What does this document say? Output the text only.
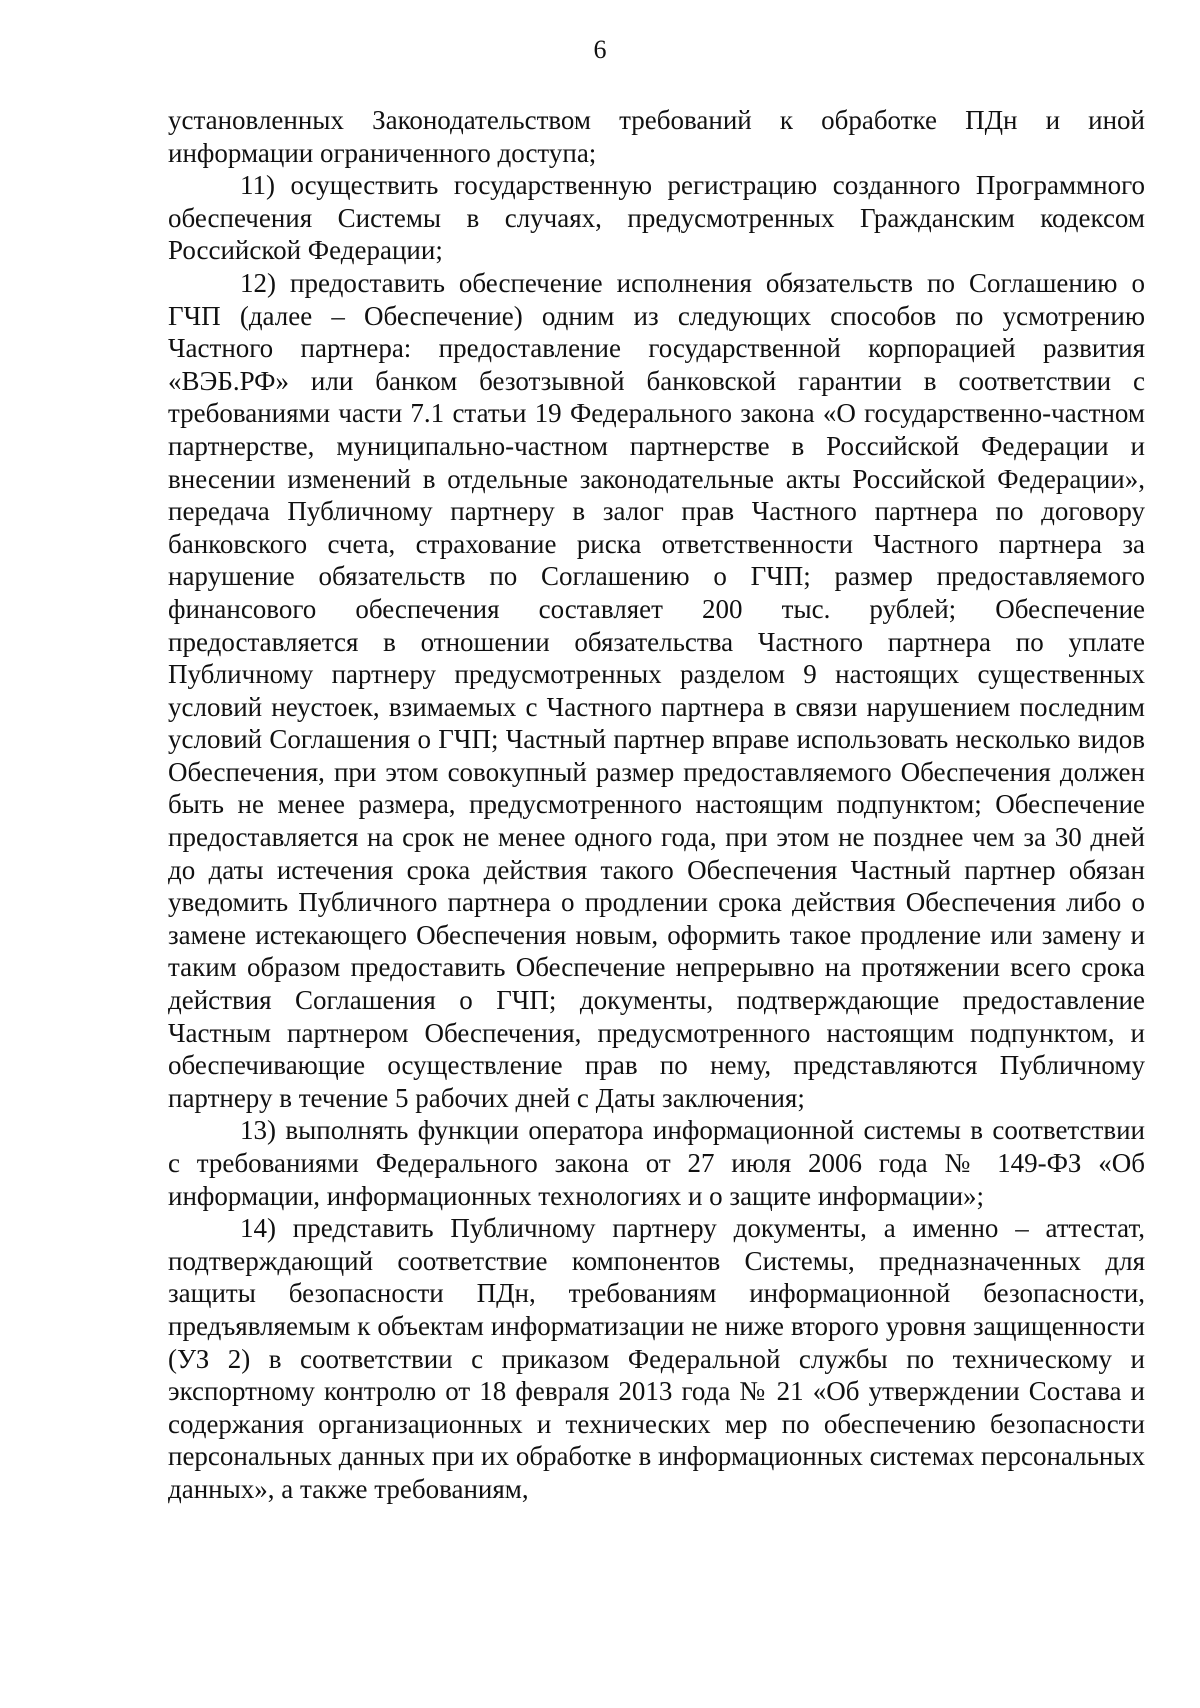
6

установленных Законодательством требований к обработке ПДн и иной информации ограниченного доступа;

11) осуществить государственную регистрацию созданного Программного обеспечения Системы в случаях, предусмотренных Гражданским кодексом Российской Федерации;

12) предоставить обеспечение исполнения обязательств по Соглашению о ГЧП (далее – Обеспечение) одним из следующих способов по усмотрению Частного партнера: предоставление государственной корпорацией развития «ВЭБ.РФ» или банком безотзывной банковской гарантии в соответствии с требованиями части 7.1 статьи 19 Федерального закона «О государственно-частном партнерстве, муниципально-частном партнерстве в Российской Федерации и внесении изменений в отдельные законодательные акты Российской Федерации», передача Публичному партнеру в залог прав Частного партнера по договору банковского счета, страхование риска ответственности Частного партнера за нарушение обязательств по Соглашению о ГЧП; размер предоставляемого финансового обеспечения составляет 200 тыс. рублей; Обеспечение предоставляется в отношении обязательства Частного партнера по уплате Публичному партнеру предусмотренных разделом 9 настоящих существенных условий неустоек, взимаемых с Частного партнера в связи нарушением последним условий Соглашения о ГЧП; Частный партнер вправе использовать несколько видов Обеспечения, при этом совокупный размер предоставляемого Обеспечения должен быть не менее размера, предусмотренного настоящим подпунктом; Обеспечение предоставляется на срок не менее одного года, при этом не позднее чем за 30 дней до даты истечения срока действия такого Обеспечения Частный партнер обязан уведомить Публичного партнера о продлении срока действия Обеспечения либо о замене истекающего Обеспечения новым, оформить такое продление или замену и таким образом предоставить Обеспечение непрерывно на протяжении всего срока действия Соглашения о ГЧП; документы, подтверждающие предоставление Частным партнером Обеспечения, предусмотренного настоящим подпунктом, и обеспечивающие осуществление прав по нему, представляются Публичному партнеру в течение 5 рабочих дней с Даты заключения;

13) выполнять функции оператора информационной системы в соответствии с требованиями Федерального закона от 27 июля 2006 года № 149-ФЗ «Об информации, информационных технологиях и о защите информации»;

14) представить Публичному партнеру документы, а именно – аттестат, подтверждающий соответствие компонентов Системы, предназначенных для защиты безопасности ПДн, требованиям информационной безопасности, предъявляемым к объектам информатизации не ниже второго уровня защищенности (УЗ 2) в соответствии с приказом Федеральной службы по техническому и экспортному контролю от 18 февраля 2013 года № 21 «Об утверждении Состава и содержания организационных и технических мер по обеспечению безопасности персональных данных при их обработке в информационных системах персональных данных», а также требованиям,
